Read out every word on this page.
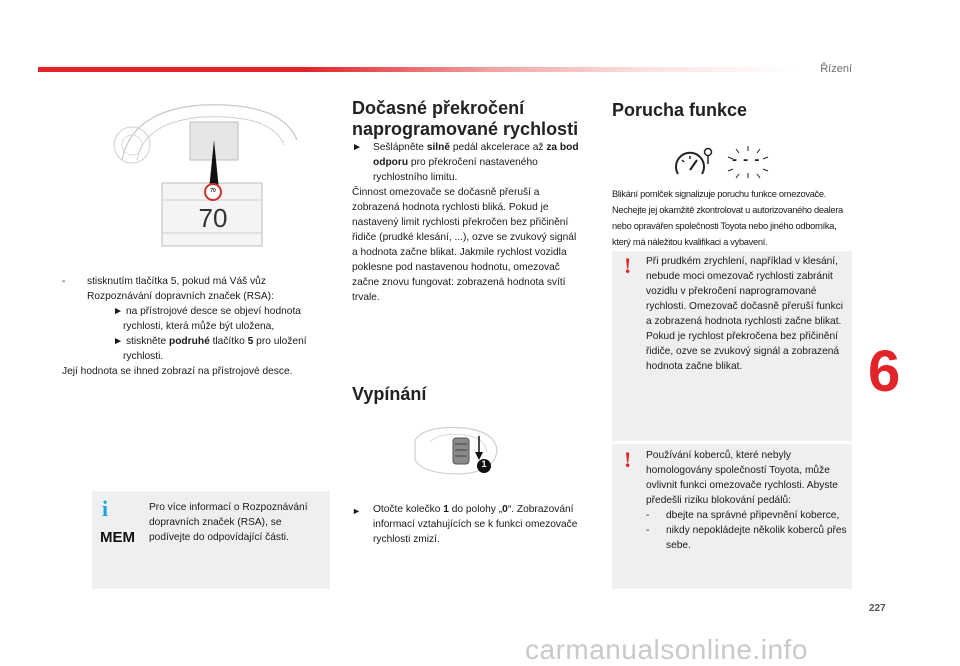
Řízení
70
70
- stisknutím tlačítka 5, pokud má Váš vůz Rozpoznávání dopravních značek (RSA):
► na přístrojové desce se objeví hodnota rychlosti, která může být uložena,
► stiskněte podruhé tlačítko 5 pro uložení rychlosti.
Její hodnota se ihned zobrazí na přístrojové desce.
i
MEM
Pro více informací o Rozpoznávání dopravních značek (RSA), se podívejte do odpovídající části.
Dočasné překročení
naprogramované rychlosti
► Sešlápněte silně pedál akcelerace až za bod odporu pro překročení nastaveného rychlostního limitu.
Činnost omezovače se dočasně přeruší a zobrazená hodnota rychlosti bliká. Pokud je nastavený limit rychlosti překročen bez přičinění řidiče (prudké klesání, ...), ozve se zvukový signál a hodnota začne blikat. Jakmile rychlost vozidla poklesne pod nastavenou hodnotu, omezovač začne znovu fungovat: zobrazená hodnota svítí trvale.
Vypínání
1
► Otočte kolečko 1 do polohy „0“. Zobrazování informací vztahujících se k funkci omezovače rychlosti zmizí.
Porucha funkce
- - -
Blikání pomlček signalizuje poruchu funkce omezovače. Nechejte jej okamžitě zkontrolovat u autorizovaného dealera nebo opravářen společnosti Toyota nebo jiného odborníka, který má náležitou kvalifikaci a vybavení.
! Při prudkém zrychlení, například v klesání, nebude moci omezovač rychlosti zabránit vozidlu v překročení naprogramované rychlosti. Omezovač dočasně přeruší funkci a zobrazená hodnota rychlosti začne blikat. Pokud je rychlost překročena bez přičinění řidiče, ozve se zvukový signál a zobrazená hodnota začne blikat.
! Používání koberců, které nebyly homologovány společností Toyota, může ovlivnit funkci omezovače rychlosti. Abyste předešli riziku blokování pedálů:
- dbejte na správné připevnění koberce,
- nikdy nepokládejte několik koberců přes sebe.
6
227
carmanualsonline.info
